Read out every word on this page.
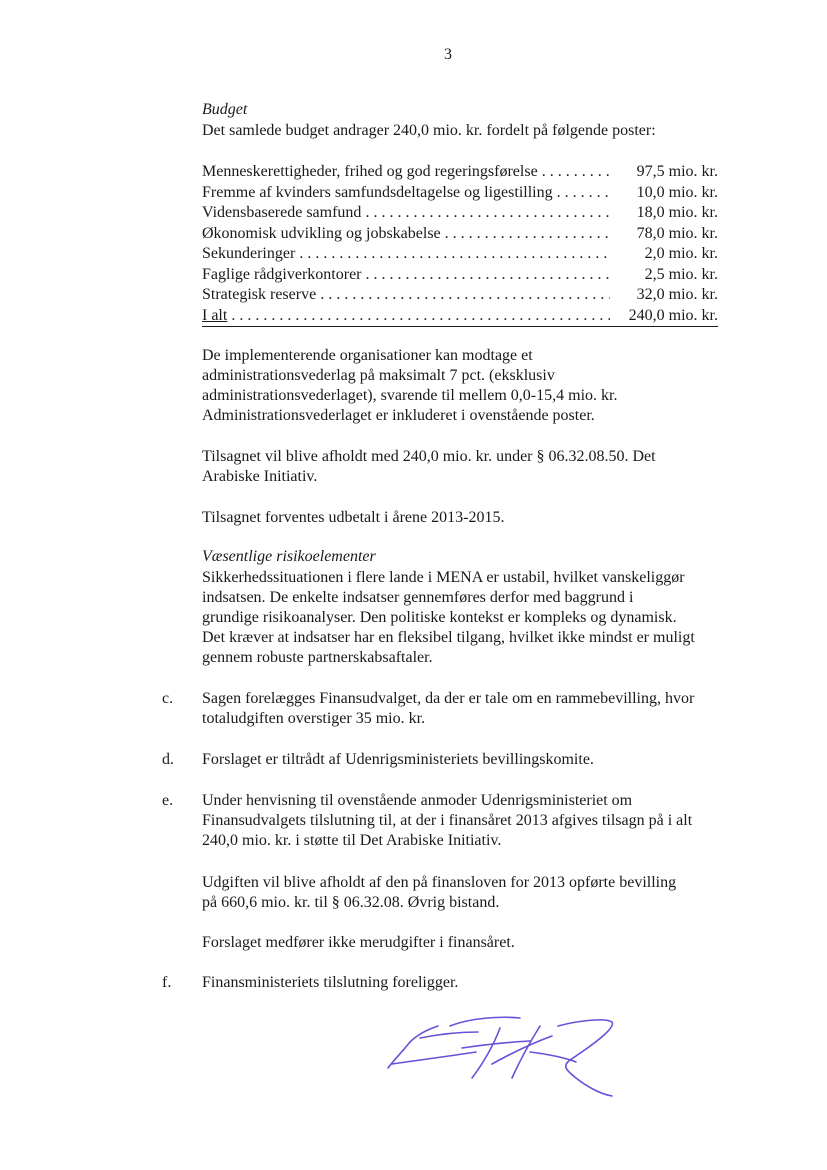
3
Budget
Det samlede budget andrager 240,0 mio. kr. fordelt på følgende poster:
Menneskerettigheder, frihed og god regeringsførelse . . .	97,5 mio. kr.
Fremme af kvinders samfundsdeltagelse og ligestilling . . .	10,0 mio. kr.
Vidensbaserede samfund . . .	18,0 mio. kr.
Økonomisk udvikling og jobskabelse . . .	78,0 mio. kr.
Sekunderinger . . .	2,0 mio. kr.
Faglige rådgiverkontorer . . .	2,5 mio. kr.
Strategisk reserve . . .	32,0 mio. kr.
I alt . . .	240,0 mio. kr.
De implementerende organisationer kan modtage et
administrationsvederlag på maksimalt 7 pct. (eksklusiv
administrationsvederlaget), svarende til mellem 0,0-15,4 mio. kr.
Administrationsvederlaget er inkluderet i ovenstående poster.
Tilsagnet vil blive afholdt med 240,0 mio. kr. under § 06.32.08.50. Det
Arabiske Initiativ.
Tilsagnet forventes udbetalt i årene 2013-2015.
Væsentlige risikoelementer
Sikkerhedssituationen i flere lande i MENA er ustabil, hvilket vanskeliggør
indsatsen. De enkelte indsatser gennemføres derfor med baggrund i
grundige risikoanalyser. Den politiske kontekst er kompleks og dynamisk.
Det kræver at indsatser har en fleksibel tilgang, hvilket ikke mindst er muligt
gennem robuste partnerskabsaftaler.
c. Sagen forelægges Finansudvalget, da der er tale om en rammebevilling, hvor
totaludgiften overstiger 35 mio. kr.
d. Forslaget er tiltrådt af Udenrigsministeriets bevillingskomite.
e. Under henvisning til ovenstående anmoder Udenrigsministeriet om
Finansudvalgets tilslutning til, at der i finansåret 2013 afgives tilsagn på i alt
240,0 mio. kr. i støtte til Det Arabiske Initiativ.
Udgiften vil blive afholdt af den på finansloven for 2013 opførte bevilling
på 660,6 mio. kr. til § 06.32.08. Øvrig bistand.
Forslaget medfører ikke merudgifter i finansåret.
f. Finansministeriets tilslutning foreligger.
